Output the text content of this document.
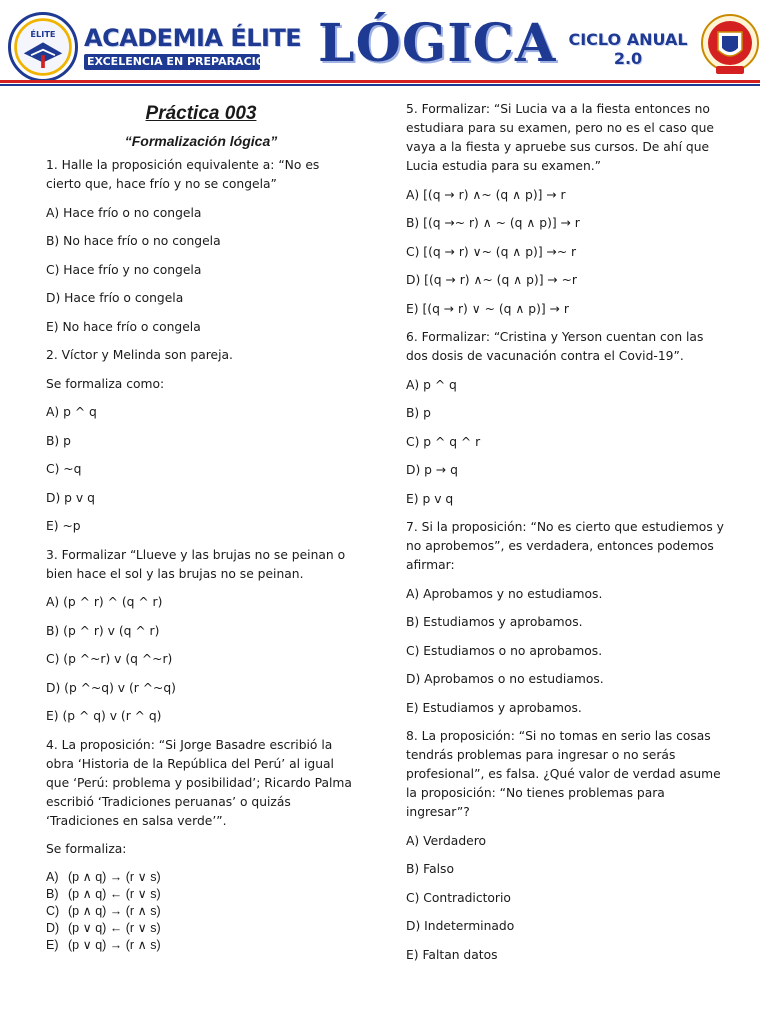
ÉLITE ACADEMIA ÉLITE
EXCELENCIA EN PREPARACIÓN LÓGICA CICLO ANUAL
2.0
Práctica 003
“Formalización lógica”
1. Halle la proposición equivalente a: “No es cierto que, hace frío y no se congela”
A) Hace frío o no congela
B) No hace frío o no congela
C) Hace frío y no congela
D) Hace frío o congela
E) No hace frío o congela
2. Víctor y Melinda son pareja.
Se formaliza como:
A) p ^ q
B) p
C) ~q
D) p v q
E) ~p
3. Formalizar “Llueve y las brujas no se peinan o bien hace el sol y las brujas no se peinan.
A) (p ^ r) ^ (q ^ r)
B) (p ^ r) v (q ^ r)
C) (p ^~r) v (q ^~r)
D) (p ^~q) v (r ^~q)
E) (p ^ q) v (r ^ q)
4. La proposición: “Si Jorge Basadre escribió la obra ‘Historia de la República del Perú’ al igual que ‘Perú: problema y posibilidad’; Ricardo Palma escribió ‘Tradiciones peruanas’ o quizás ‘Tradiciones en salsa verde’”.
Se formaliza:
A) (p ∧ q) → (r ∨ s)
B) (p ∧ q) ← (r ∨ s)
C) (p ∧ q) → (r ∧ s)
D) (p ∨ q) ← (r ∨ s)
E) (p ∨ q) → (r ∧ s)
5. Formalizar: “Si Lucia va a la fiesta entonces no estudiara para su examen, pero no es el caso que vaya a la fiesta y apruebe sus cursos. De ahí que Lucia estudia para su examen.”
A) [(q → r) ∧~ (q ∧ p)] → r
B) [(q →~ r) ∧ ~ (q ∧ p)] → r
C) [(q → r) ∨~ (q ∧ p)] →~ r
D) [(q → r) ∧~ (q ∧ p)] → ~r
E) [(q → r) ∨ ~ (q ∧ p)] → r
6. Formalizar: “Cristina y Yerson cuentan con las dos dosis de vacunación contra el Covid-19”.
A) p ^ q
B) p
C) p ^ q ^ r
D) p → q
E) p v q
7. Si la proposición: “No es cierto que estudiemos y no aprobemos”, es verdadera, entonces podemos afirmar:
A) Aprobamos y no estudiamos.
B) Estudiamos y aprobamos.
C) Estudiamos o no aprobamos.
D) Aprobamos o no estudiamos.
E) Estudiamos y aprobamos.
8. La proposición: “Si no tomas en serio las cosas tendrás problemas para ingresar o no serás profesional”, es falsa. ¿Qué valor de verdad asume la proposición: “No tienes problemas para ingresar”?
A) Verdadero
B) Falso
C) Contradictorio
D) Indeterminado
E) Faltan datos
